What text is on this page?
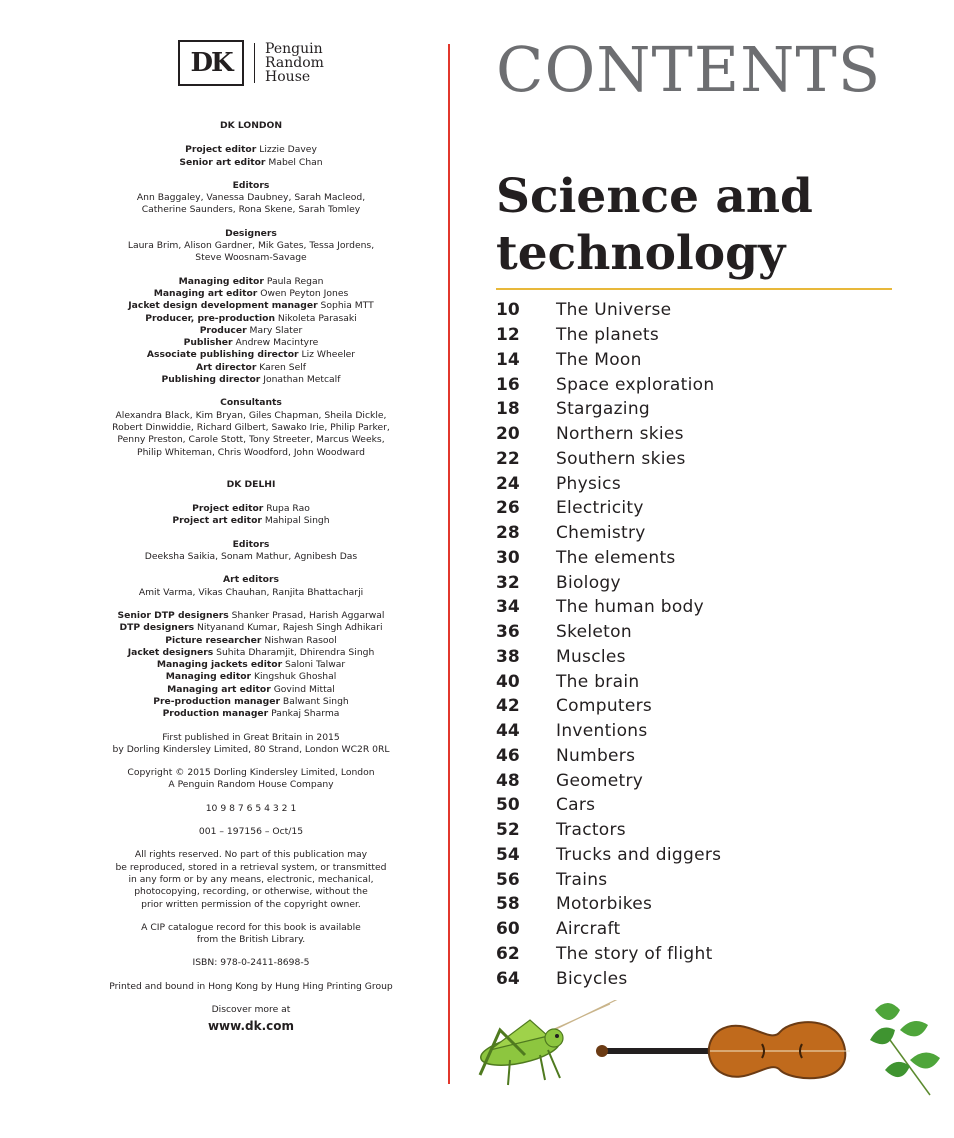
DK	Penguin
Random
House
DK LONDON

Project editor Lizzie Davey

Senior art editor Mabel Chan

Editors

Ann Baggaley, Vanessa Daubney, Sarah Macleod,

Catherine Saunders, Rona Skene, Sarah Tomley

Designers

Laura Brim, Alison Gardner, Mik Gates, Tessa Jordens,

Steve Woosnam-Savage

Managing editor Paula Regan

Managing art editor Owen Peyton Jones

Jacket design development manager Sophia MTT

Producer, pre-production Nikoleta Parasaki

Producer Mary Slater

Publisher Andrew Macintyre

Associate publishing director Liz Wheeler

Art director Karen Self

Publishing director Jonathan Metcalf

Consultants

Alexandra Black, Kim Bryan, Giles Chapman, Sheila Dickle,

Robert Dinwiddie, Richard Gilbert, Sawako Irie, Philip Parker,

Penny Preston, Carole Stott, Tony Streeter, Marcus Weeks,

Philip Whiteman, Chris Woodford, John Woodward

DK DELHI

Project editor Rupa Rao

Project art editor Mahipal Singh

Editors

Deeksha Saikia, Sonam Mathur, Agnibesh Das

Art editors

Amit Varma, Vikas Chauhan, Ranjita Bhattacharji

Senior DTP designers Shanker Prasad, Harish Aggarwal

DTP designers Nityanand Kumar, Rajesh Singh Adhikari

Picture researcher Nishwan Rasool

Jacket designers Suhita Dharamjit, Dhirendra Singh

Managing jackets editor Saloni Talwar

Managing editor Kingshuk Ghoshal

Managing art editor Govind Mittal

Pre-production manager Balwant Singh

Production manager Pankaj Sharma

First published in Great Britain in 2015

by Dorling Kindersley Limited, 80 Strand, London WC2R 0RL

Copyright © 2015 Dorling Kindersley Limited, London

A Penguin Random House Company

10 9 8 7 6 5 4 3 2 1

001 – 197156 – Oct/15

All rights reserved. No part of this publication may

be reproduced, stored in a retrieval system, or transmitted

in any form or by any means, electronic, mechanical,

photocopying, recording, or otherwise, without the

prior written permission of the copyright owner.

A CIP catalogue record for this book is available

from the British Library.

ISBN: 978-0-2411-8698-5

Printed and bound in Hong Kong by Hung Hing Printing Group

Discover more at

www.dk.com

CONTENTS
Science and
technology
10	The Universe
12	The planets
14	The Moon
16	Space exploration
18	Stargazing
20	Northern skies
22	Southern skies
24	Physics
26	Electricity
28	Chemistry
30	The elements
32	Biology
34	The human body
36	Skeleton
38	Muscles
40	The brain
42	Computers
44	Inventions
46	Numbers
48	Geometry
50	Cars
52	Tractors
54	Trucks and diggers
56	Trains
58	Motorbikes
60	Aircraft
62	The story of flight
64	Bicycles
